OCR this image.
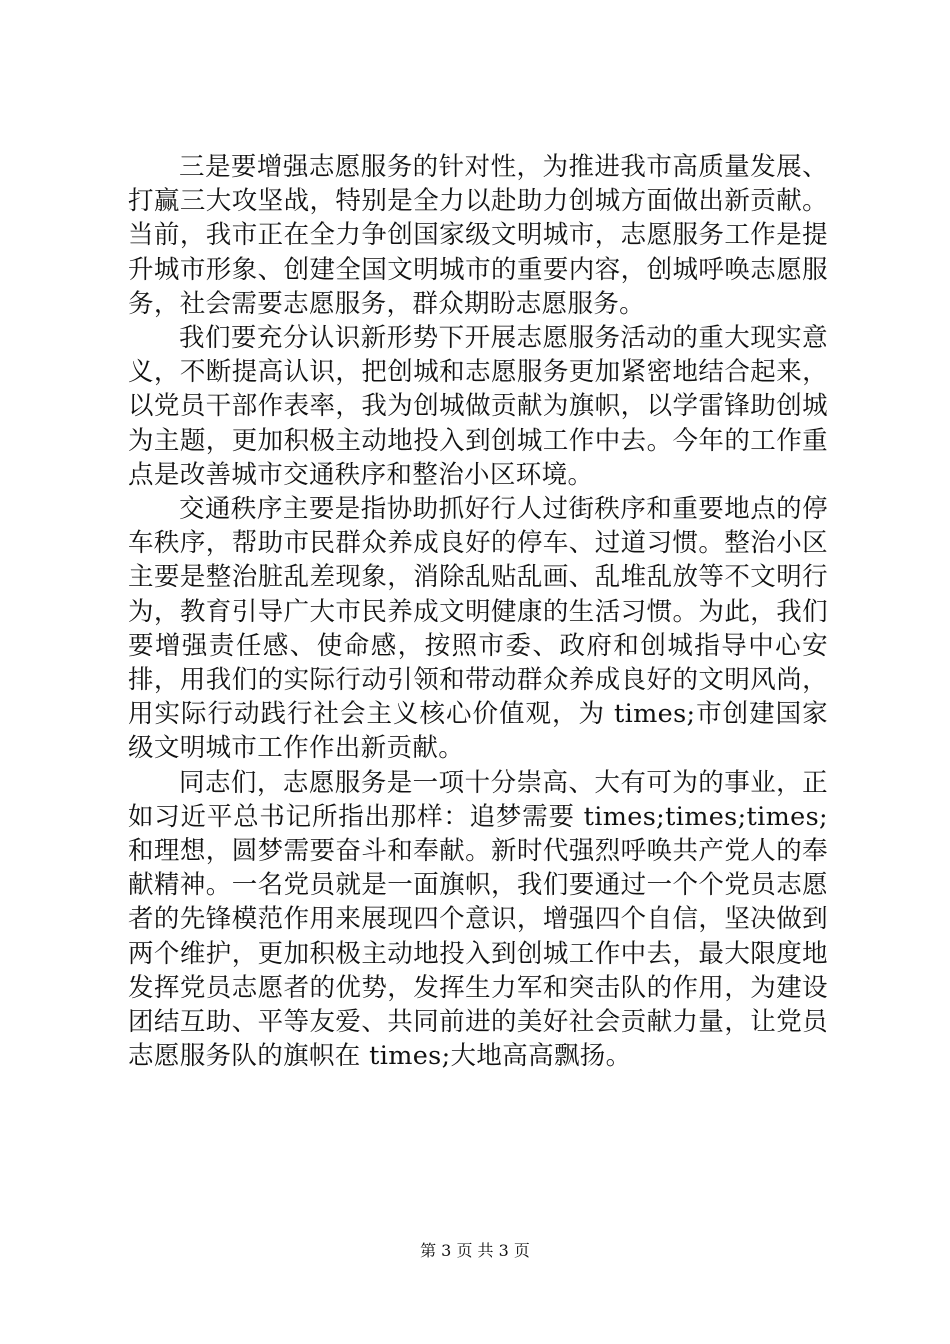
三是要增强志愿服务的针对性，为推进我市高质量发展、打赢三大攻坚战，特别是全力以赴助力创城方面做出新贡献。当前，我市正在全力争创国家级文明城市，志愿服务工作是提升城市形象、创建全国文明城市的重要内容，创城呼唤志愿服务，社会需要志愿服务，群众期盼志愿服务。

我们要充分认识新形势下开展志愿服务活动的重大现实意义，不断提高认识，把创城和志愿服务更加紧密地结合起来，以党员干部作表率，我为创城做贡献为旗帜，以学雷锋助创城为主题，更加积极主动地投入到创城工作中去。今年的工作重点是改善城市交通秩序和整治小区环境。

交通秩序主要是指协助抓好行人过街秩序和重要地点的停车秩序，帮助市民群众养成良好的停车、过道习惯。整治小区主要是整治脏乱差现象，消除乱贴乱画、乱堆乱放等不文明行为，教育引导广大市民养成文明健康的生活习惯。为此，我们要增强责任感、使命感，按照市委、政府和创城指导中心安排，用我们的实际行动引领和带动群众养成良好的文明风尚，用实际行动践行社会主义核心价值观，为 times;市创建国家级文明城市工作作出新贡献。

同志们，志愿服务是一项十分崇高、大有可为的事业，正如习近平总书记所指出那样：追梦需要 times;times;times;和理想，圆梦需要奋斗和奉献。新时代强烈呼唤共产党人的奉献精神。一名党员就是一面旗帜，我们要通过一个个党员志愿者的先锋模范作用来展现四个意识，增强四个自信，坚决做到两个维护，更加积极主动地投入到创城工作中去，最大限度地发挥党员志愿者的优势，发挥生力军和突击队的作用，为建设团结互助、平等友爱、共同前进的美好社会贡献力量，让党员志愿服务队的旗帜在 times;大地高高飘扬。

第 3 页 共 3 页
